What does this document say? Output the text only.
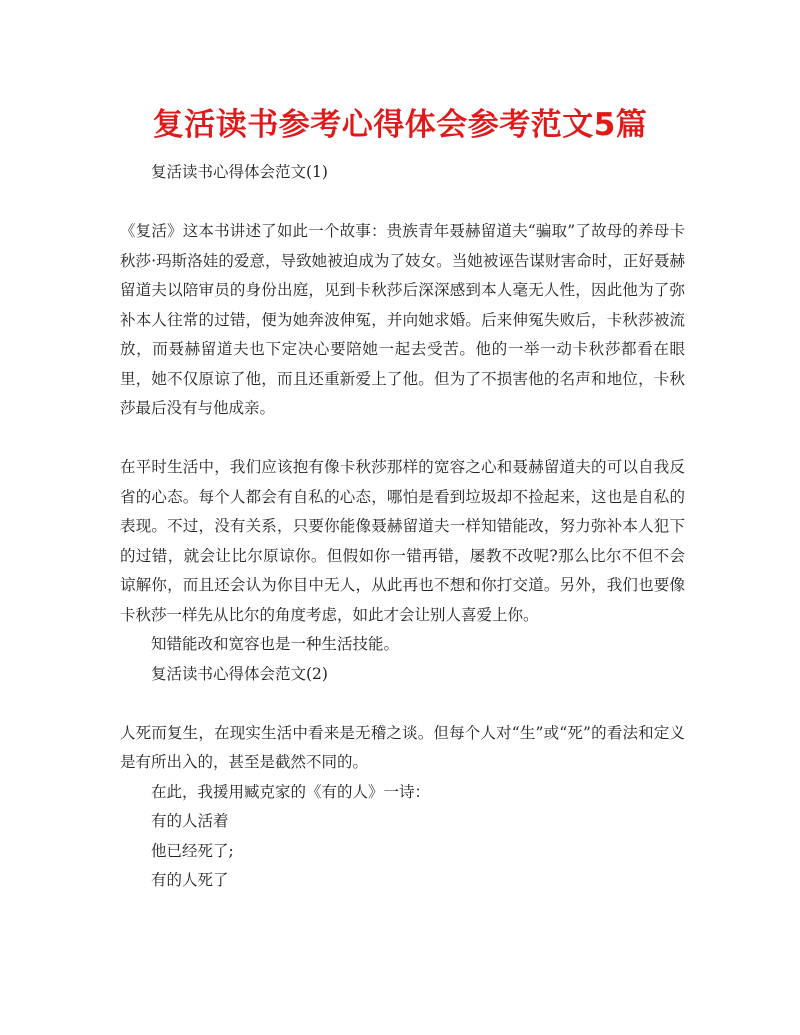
复活读书参考心得体会参考范文5篇

复活读书心得体会范文(1)

《复活》这本书讲述了如此一个故事：贵族青年聂赫留道夫“骗取”了故母的养母卡秋莎·玛斯洛娃的爱意，导致她被迫成为了妓女。当她被诬告谋财害命时，正好聂赫留道夫以陪审员的身份出庭，见到卡秋莎后深深感到本人毫无人性，因此他为了弥补本人往常的过错，便为她奔波伸冤，并向她求婚。后来伸冤失败后，卡秋莎被流放，而聂赫留道夫也下定决心要陪她一起去受苦。他的一举一动卡秋莎都看在眼里，她不仅原谅了他，而且还重新爱上了他。但为了不损害他的名声和地位，卡秋莎最后没有与他成亲。

在平时生活中，我们应该抱有像卡秋莎那样的宽容之心和聂赫留道夫的可以自我反省的心态。每个人都会有自私的心态，哪怕是看到垃圾却不捡起来，这也是自私的表现。不过，没有关系，只要你能像聂赫留道夫一样知错能改，努力弥补本人犯下的过错，就会让比尔原谅你。但假如你一错再错，屡教不改呢?那么比尔不但不会谅解你，而且还会认为你目中无人，从此再也不想和你打交道。另外，我们也要像卡秋莎一样先从比尔的角度考虑，如此才会让别人喜爱上你。

知错能改和宽容也是一种生活技能。

复活读书心得体会范文(2)

人死而复生，在现实生活中看来是无稽之谈。但每个人对“生”或“死”的看法和定义是有所出入的，甚至是截然不同的。

在此，我援用臧克家的《有的人》一诗：

有的人活着

他已经死了;

有的人死了
